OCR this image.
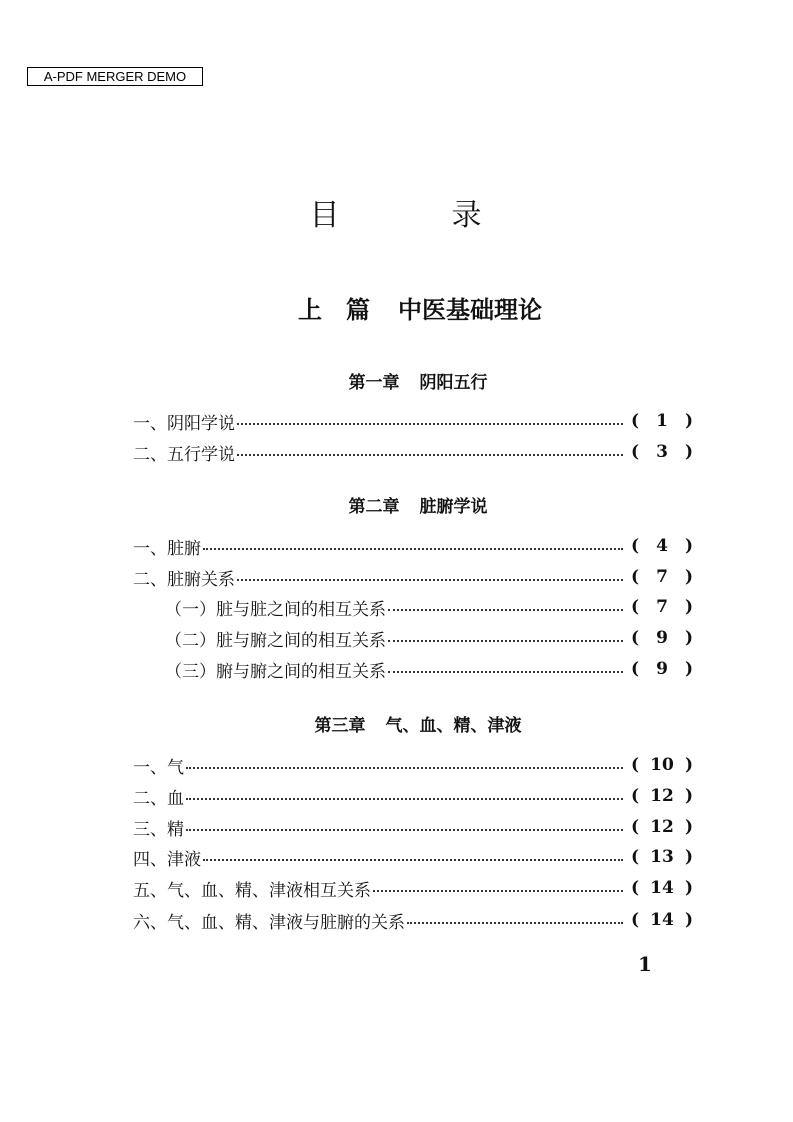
A-PDF MERGER DEMO
目	录
上　篇 中医基础理论
第一章 阴阳五行
一、阴阳学说	( 1 )
二、五行学说	( 3 )
第二章 脏腑学说
一、脏腑	( 4 )
二、脏腑关系	( 7 )
（一）脏与脏之间的相互关系	( 7 )
（二）脏与腑之间的相互关系	( 9 )
（三）腑与腑之间的相互关系	( 9 )
第三章 气、血、精、津液
一、气	( 10 )
二、血	( 12 )
三、精	( 12 )
四、津液	( 13 )
五、气、血、精、津液相互关系	( 14 )
六、气、血、精、津液与脏腑的关系	( 14 )
1
